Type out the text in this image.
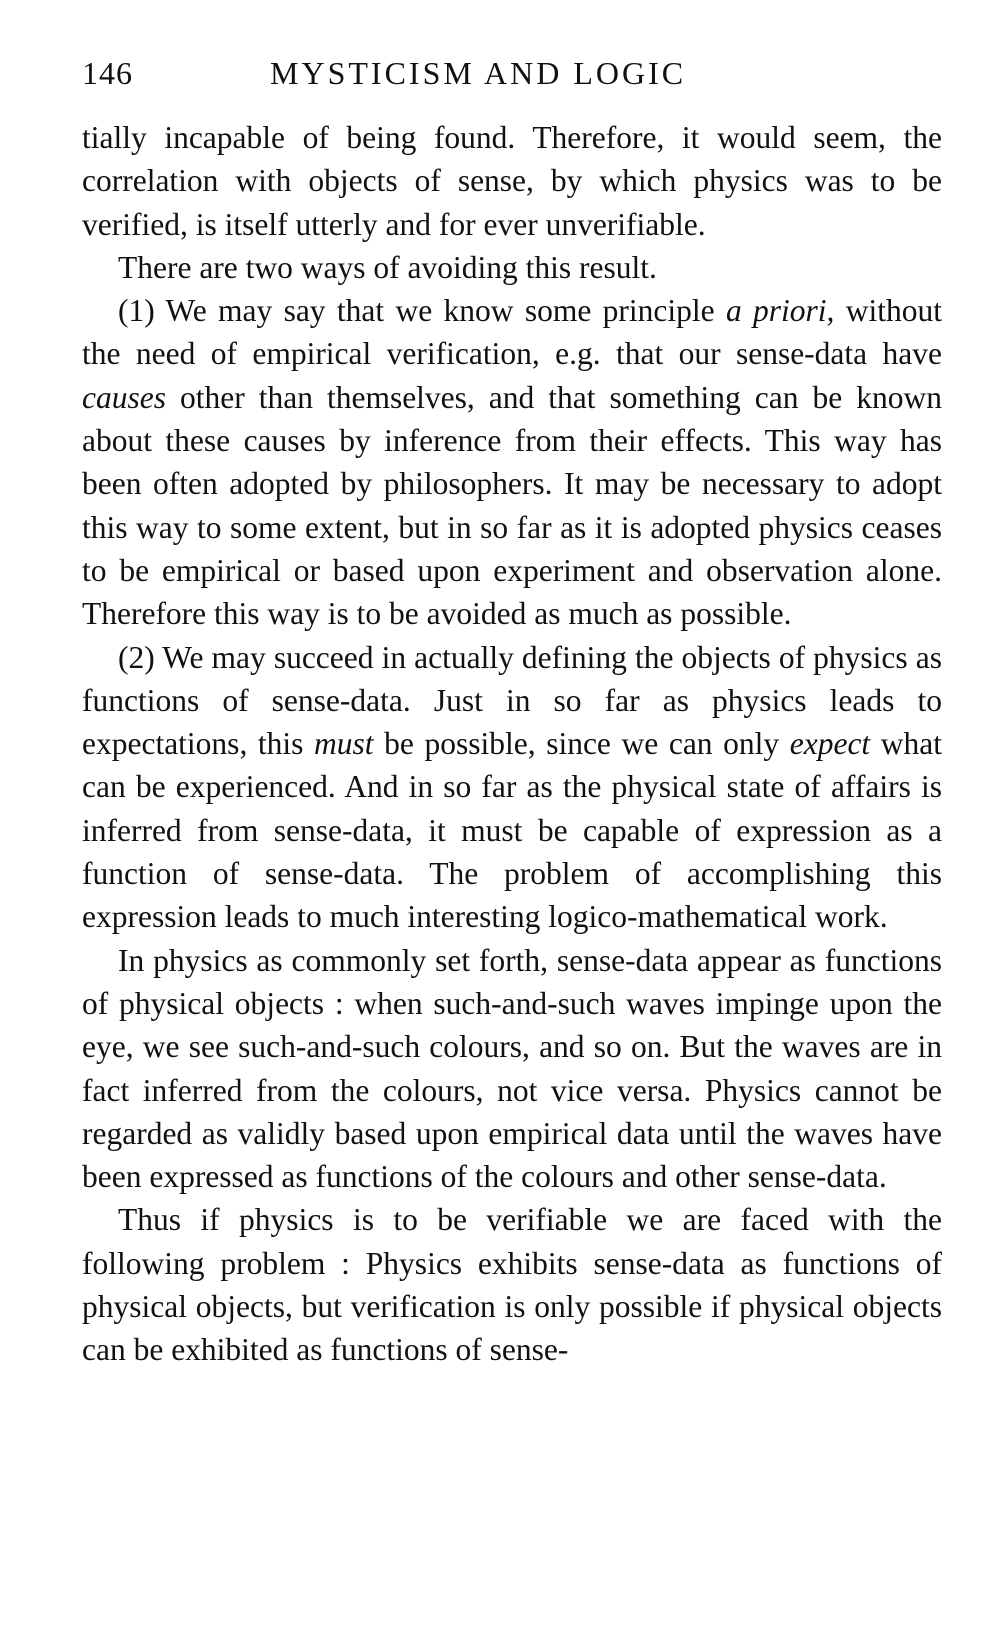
146	MYSTICISM AND LOGIC

tially incapable of being found. Therefore, it would seem, the correlation with objects of sense, by which physics was to be verified, is itself utterly and for ever unverifiable.

There are two ways of avoiding this result.

(1) We may say that we know some principle a priori, without the need of empirical verification, e.g. that our sense-data have causes other than themselves, and that something can be known about these causes by inference from their effects. This way has been often adopted by philosophers. It may be necessary to adopt this way to some extent, but in so far as it is adopted physics ceases to be empirical or based upon experiment and observation alone. Therefore this way is to be avoided as much as possible.

(2) We may succeed in actually defining the objects of physics as functions of sense-data. Just in so far as physics leads to expectations, this must be possible, since we can only expect what can be experienced. And in so far as the physical state of affairs is inferred from sense-data, it must be capable of expression as a function of sense-data. The problem of accomplishing this expression leads to much interesting logico-mathematical work.

In physics as commonly set forth, sense-data appear as functions of physical objects : when such-and-such waves impinge upon the eye, we see such-and-such colours, and so on. But the waves are in fact inferred from the colours, not vice versa. Physics cannot be regarded as validly based upon empirical data until the waves have been expressed as functions of the colours and other sense-data.

Thus if physics is to be verifiable we are faced with the following problem : Physics exhibits sense-data as functions of physical objects, but verification is only possible if physical objects can be exhibited as functions of sense-
